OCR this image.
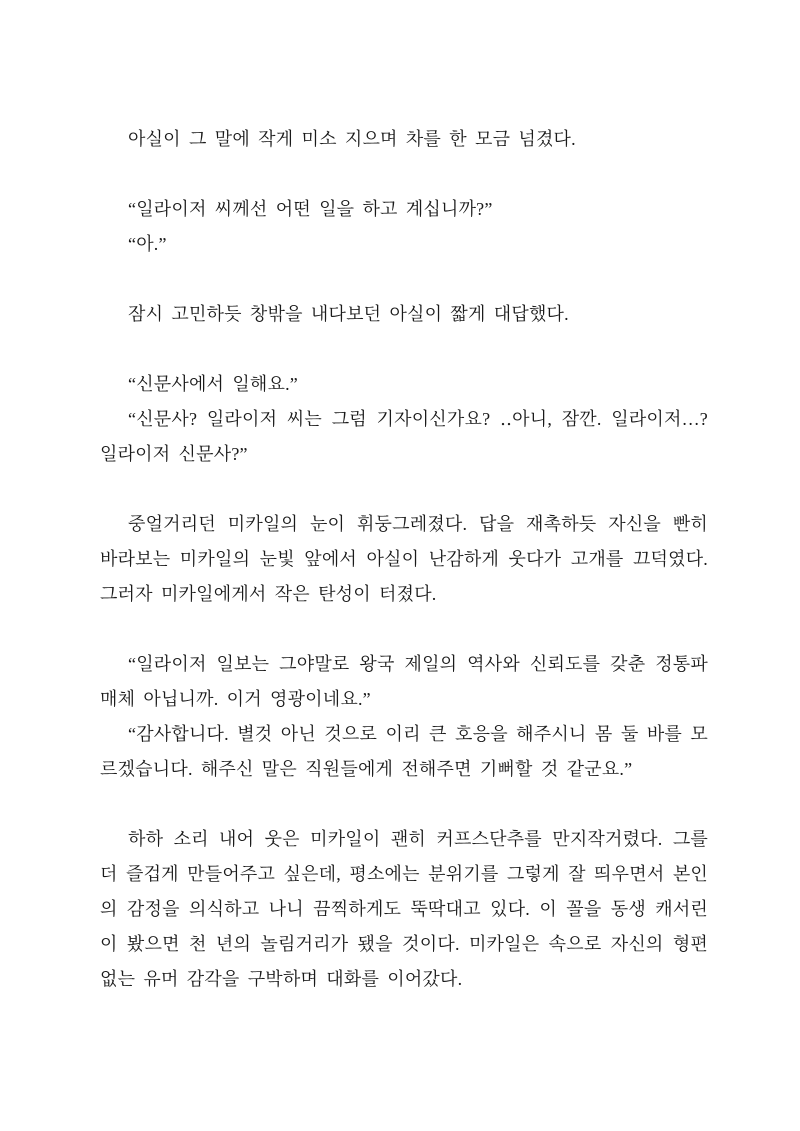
아실이 그 말에 작게 미소 지으며 차를 한 모금 넘겼다.

“일라이저 씨께선 어떤 일을 하고 계십니까?”

“아.”

잠시 고민하듯 창밖을 내다보던 아실이 짧게 대답했다.

“신문사에서 일해요.”

“신문사? 일라이저 씨는 그럼 기자이신가요? ‥아니, 잠깐. 일라이저…? 일라이저 신문사?”

중얼거리던 미카일의 눈이 휘둥그레졌다. 답을 재촉하듯 자신을 빤히 바라보는 미카일의 눈빛 앞에서 아실이 난감하게 웃다가 고개를 끄덕였다. 그러자 미카일에게서 작은 탄성이 터졌다.

“일라이저 일보는 그야말로 왕국 제일의 역사와 신뢰도를 갖춘 정통파 매체 아닙니까. 이거 영광이네요.”

“감사합니다. 별것 아닌 것으로 이리 큰 호응을 해주시니 몸 둘 바를 모르겠습니다. 해주신 말은 직원들에게 전해주면 기뻐할 것 같군요.”

하하 소리 내어 웃은 미카일이 괜히 커프스단추를 만지작거렸다. 그를 더 즐겁게 만들어주고 싶은데, 평소에는 분위기를 그렇게 잘 띄우면서 본인의 감정을 의식하고 나니 끔찍하게도 뚝딱대고 있다. 이 꼴을 동생 캐서린이 봤으면 천 년의 놀림거리가 됐을 것이다. 미카일은 속으로 자신의 형편없는 유머 감각을 구박하며 대화를 이어갔다.
